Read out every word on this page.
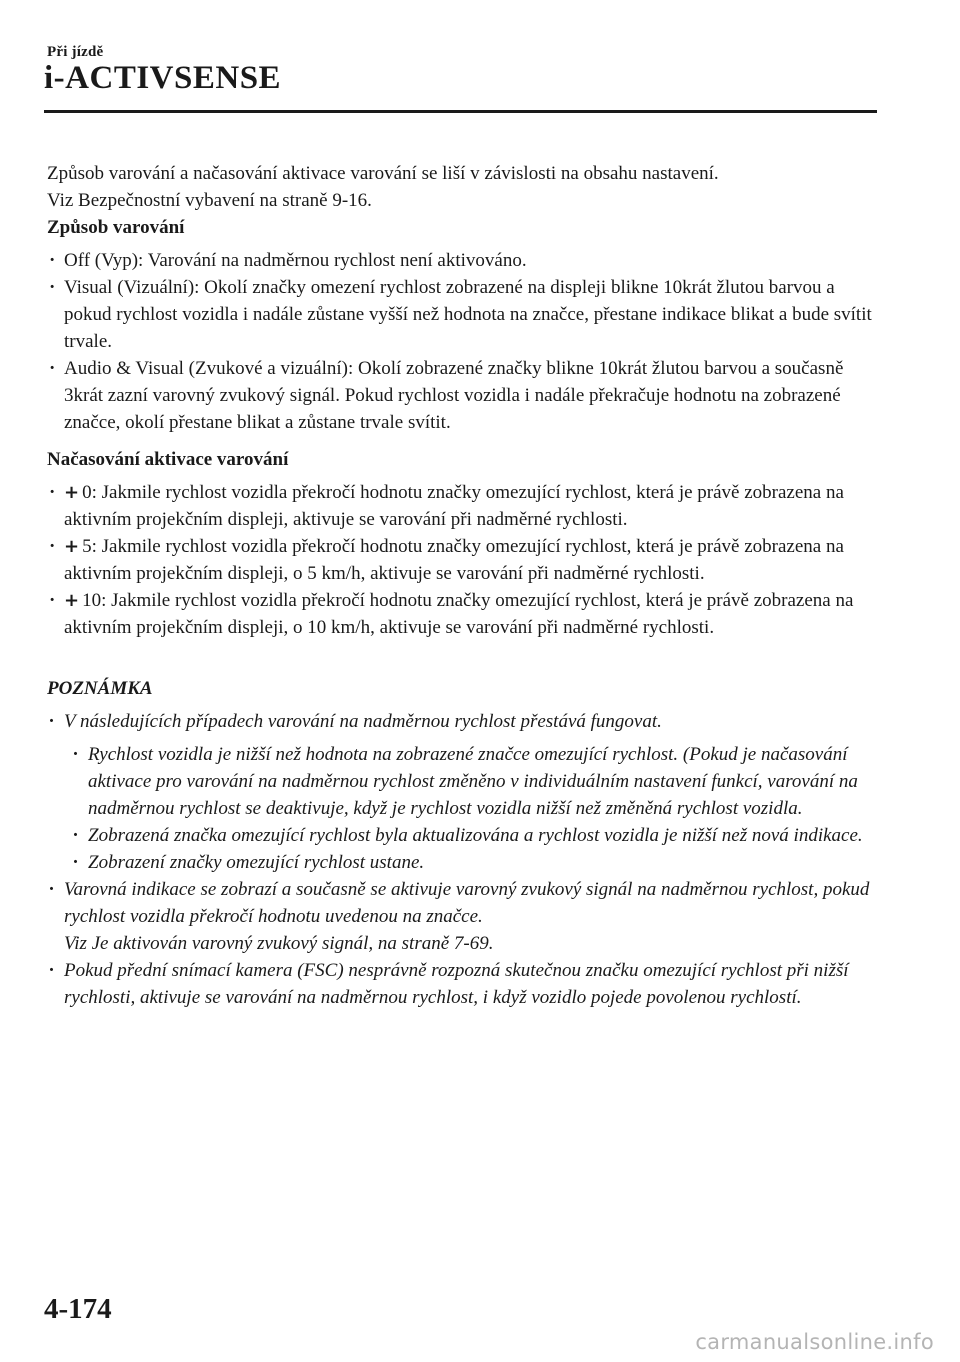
Při jízdě
i-ACTIVSENSE

Způsob varování a načasování aktivace varování se liší v závislosti na obsahu nastavení.

Viz Bezpečnostní vybavení na straně 9-16.

Způsob varování

· Off (Vyp): Varování na nadměrnou rychlost není aktivováno.
· Visual (Vizuální): Okolí značky omezení rychlost zobrazené na displeji blikne 10krát žlutou barvou a pokud rychlost vozidla i nadále zůstane vyšší než hodnota na značce, přestane indikace blikat a bude svítit trvale.
· Audio & Visual (Zvukové a vizuální): Okolí zobrazené značky blikne 10krát žlutou barvou a současně 3krát zazní varovný zvukový signál. Pokud rychlost vozidla i nadále překračuje hodnotu na zobrazené značce, okolí přestane blikat a zůstane trvale svítit.

Načasování aktivace varování

· + 0: Jakmile rychlost vozidla překročí hodnotu značky omezující rychlost, která je právě zobrazena na aktivním projekčním displeji, aktivuje se varování při nadměrné rychlosti.
· + 5: Jakmile rychlost vozidla překročí hodnotu značky omezující rychlost, která je právě zobrazena na aktivním projekčním displeji, o 5 km/h, aktivuje se varování při nadměrné rychlosti.
· + 10: Jakmile rychlost vozidla překročí hodnotu značky omezující rychlost, která je právě zobrazena na aktivním projekčním displeji, o 10 km/h, aktivuje se varování při nadměrné rychlosti.

POZNÁMKA

· V následujících případech varování na nadměrnou rychlost přestává fungovat.
· Rychlost vozidla je nižší než hodnota na zobrazené značce omezující rychlost. (Pokud je načasování aktivace pro varování na nadměrnou rychlost změněno v individuálním nastavení funkcí, varování na nadměrnou rychlost se deaktivuje, když je rychlost vozidla nižší než změněná rychlost vozidla.
· Zobrazená značka omezující rychlost byla aktualizována a rychlost vozidla je nižší než nová indikace.
· Zobrazení značky omezující rychlost ustane.
· Varovná indikace se zobrazí a současně se aktivuje varovný zvukový signál na nadměrnou rychlost, pokud rychlost vozidla překročí hodnotu uvedenou na značce.
Viz Je aktivován varovný zvukový signál, na straně 7-69.
· Pokud přední snímací kamera (FSC) nesprávně rozpozná skutečnou značku omezující rychlost při nižší rychlosti, aktivuje se varování na nadměrnou rychlost, i když vozidlo pojede povolenou rychlostí.
4-174
carmanualsonline.info
